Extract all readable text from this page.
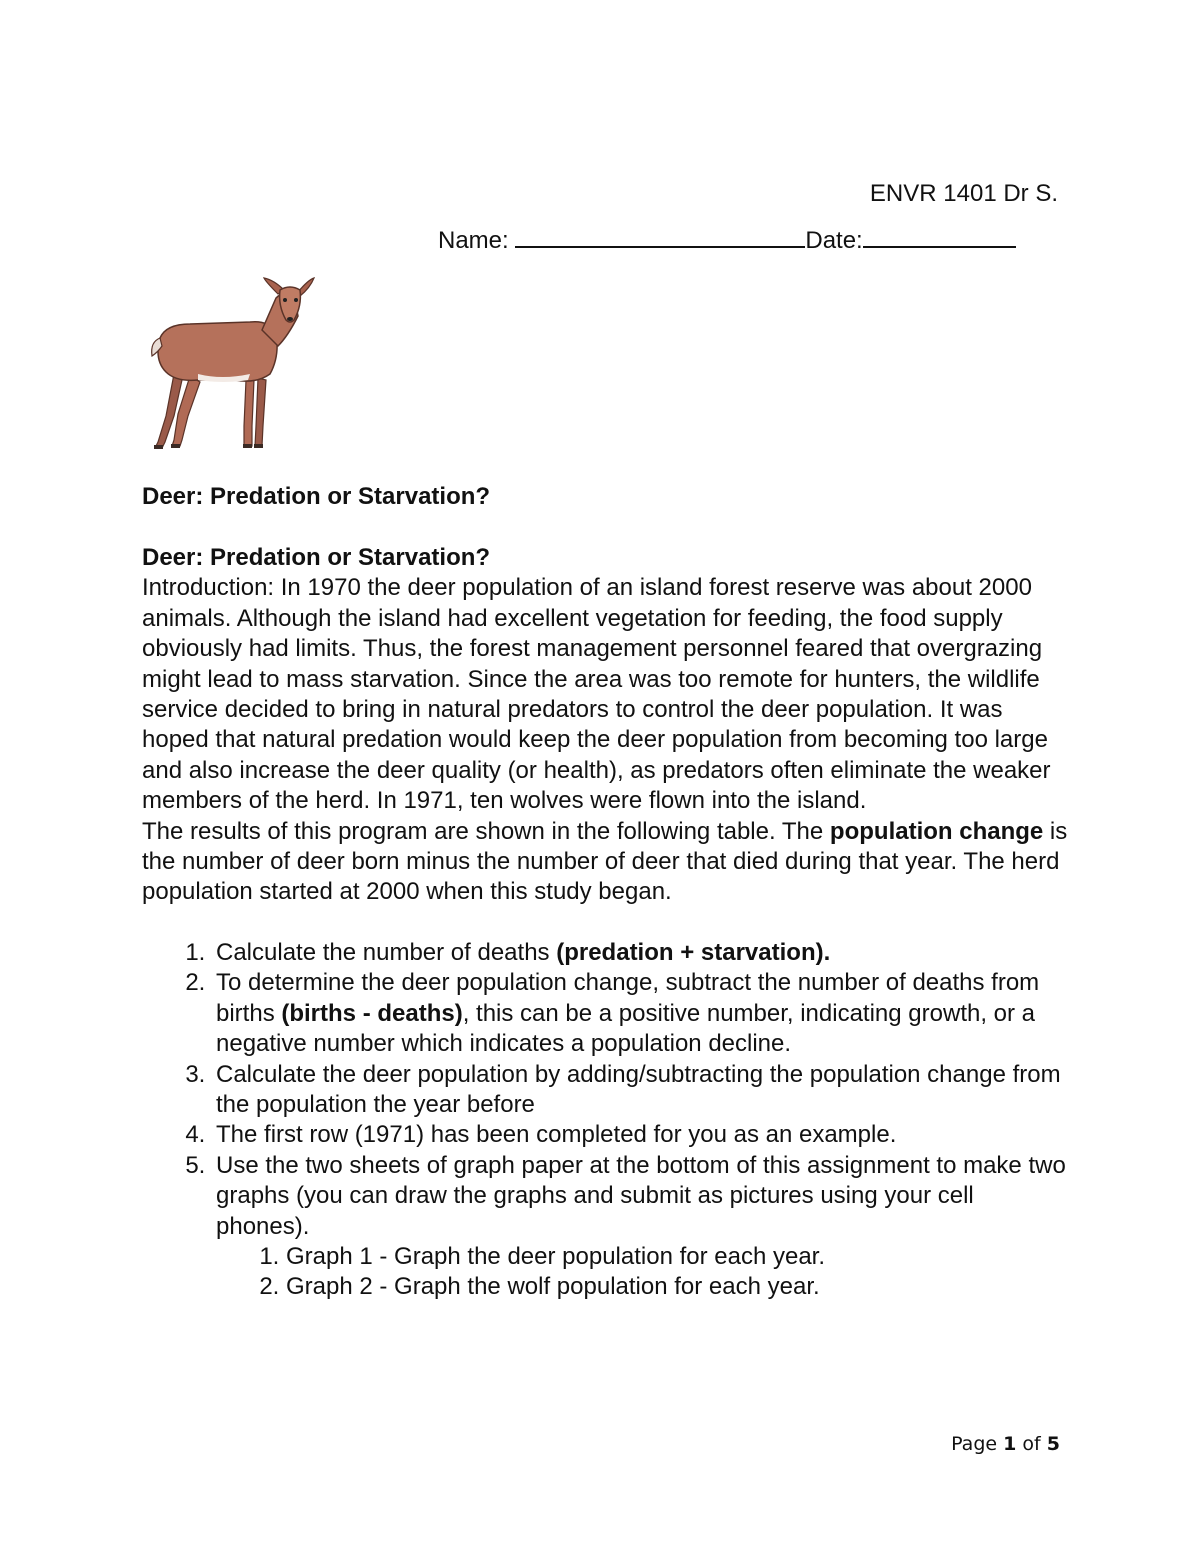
ENVR 1401 Dr S.
Name:	Date:
Deer: Predation or Starvation?

Deer: Predation or Starvation?

Introduction: In 1970 the deer population of an island forest reserve was about 2000 animals. Although the island had excellent vegetation for feeding, the food supply obviously had limits. Thus, the forest management personnel feared that overgrazing might lead to mass starvation. Since the area was too remote for hunters, the wildlife service decided to bring in natural predators to control the deer population. It was hoped that natural predation would keep the deer population from becoming too large and also increase the deer quality (or health), as predators often eliminate the weaker members of the herd. In 1971, ten wolves were flown into the island.

The results of this program are shown in the following table. The population change is the number of deer born minus the number of deer that died during that year. The herd population started at 2000 when this study began.

1. Calculate the number of deaths (predation + starvation).
2. To determine the deer population change, subtract the number of deaths from births (births - deaths), this can be a positive number, indicating growth, or a negative number which indicates a population decline.
3. Calculate the deer population by adding/subtracting the population change from the population the year before
4. The first row (1971) has been completed for you as an example.
5. Use the two sheets of graph paper at the bottom of this assignment to make two graphs (you can draw the graphs and submit as pictures using your cell phones).
1. Graph 1 - Graph the deer population for each year.
2. Graph 2 - Graph the wolf population for each year.
Page 1 of 5
